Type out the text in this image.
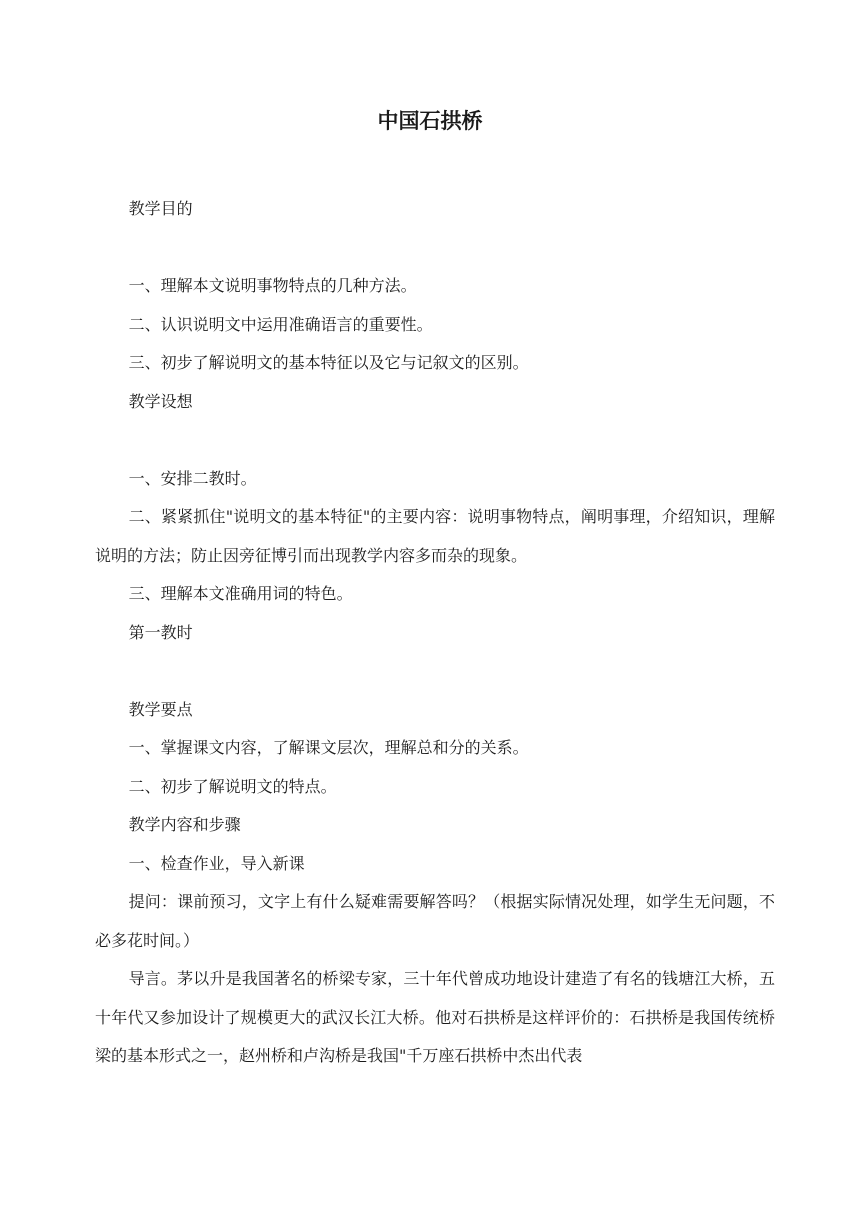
中国石拱桥

教学目的

一、理解本文说明事物特点的几种方法。

二、认识说明文中运用准确语言的重要性。

三、初步了解说明文的基本特征以及它与记叙文的区别。

教学设想

一、安排二教时。

二、紧紧抓住"说明文的基本特征"的主要内容：说明事物特点，阐明事理，介绍知识，理解说明的方法；防止因旁征博引而出现教学内容多而杂的现象。

三、理解本文准确用词的特色。

第一教时

教学要点

一、掌握课文内容，了解课文层次，理解总和分的关系。

二、初步了解说明文的特点。

教学内容和步骤

一、检查作业，导入新课

提问：课前预习，文字上有什么疑难需要解答吗？（根据实际情况处理，如学生无问题，不必多花时间。）

导言。茅以升是我国著名的桥梁专家，三十年代曾成功地设计建造了有名的钱塘江大桥，五十年代又参加设计了规模更大的武汉长江大桥。他对石拱桥是这样评价的：石拱桥是我国传统桥梁的基本形式之一，赵州桥和卢沟桥是我国"千万座石拱桥中杰出代表
